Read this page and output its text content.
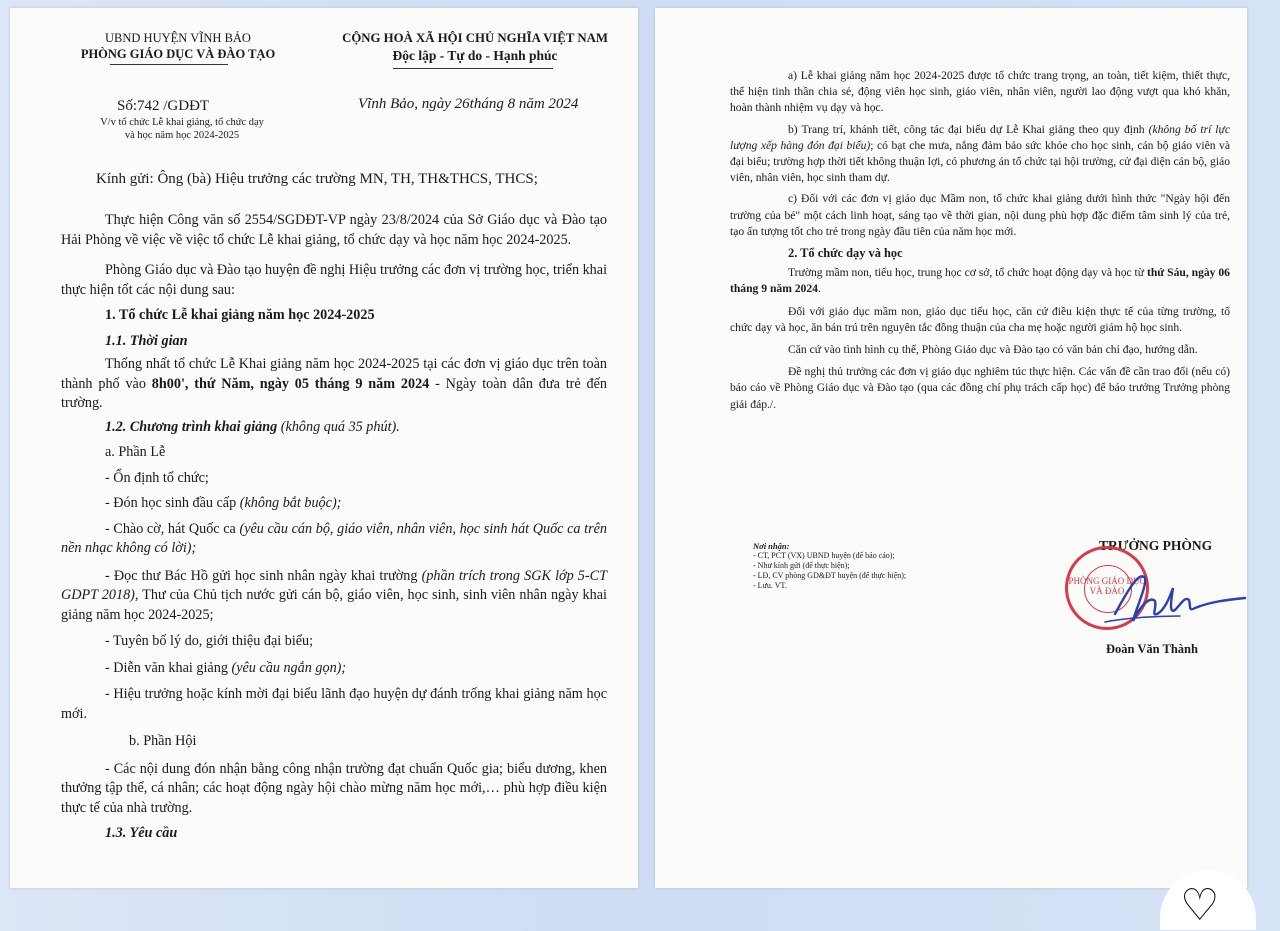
UBND HUYỆN VĨNH BẢO
PHÒNG GIÁO DỤC VÀ ĐÀO TẠO
CỘNG HOÀ XÃ HỘI CHỦ NGHĨA VIỆT NAM
Độc lập - Tự do - Hạnh phúc
Số:742 /GDĐT	Vĩnh Bảo, ngày 26tháng 8 năm 2024
V/v tổ chức Lễ khai giảng, tổ chức dạy
và học năm học 2024-2025
Kính gửi: Ông (bà) Hiệu trưởng các trường MN, TH, TH&THCS, THCS;

Thực hiện Công văn số 2554/SGDĐT-VP ngày 23/8/2024 của Sở Giáo dục và Đào tạo Hải Phòng về việc về việc tổ chức Lễ khai giảng, tổ chức dạy và học năm học 2024-2025.

Phòng Giáo dục và Đào tạo huyện đề nghị Hiệu trưởng các đơn vị trường học, triển khai thực hiện tốt các nội dung sau:

1. Tổ chức Lễ khai giảng năm học 2024-2025

1.1. Thời gian

Thống nhất tổ chức Lễ Khai giảng năm học 2024-2025 tại các đơn vị giáo dục trên toàn thành phố vào 8h00', thứ Năm, ngày 05 tháng 9 năm 2024 - Ngày toàn dân đưa trẻ đến trường.

1.2. Chương trình khai giảng (không quá 35 phút).

a. Phần Lễ

- Ổn định tổ chức;

- Đón học sinh đầu cấp (không bắt buộc);

- Chào cờ, hát Quốc ca (yêu cầu cán bộ, giáo viên, nhân viên, học sinh hát Quốc ca trên nền nhạc không có lời);

- Đọc thư Bác Hồ gửi học sinh nhân ngày khai trường (phần trích trong SGK lớp 5-CT GDPT 2018), Thư của Chủ tịch nước gửi cán bộ, giáo viên, học sinh, sinh viên nhân ngày khai giảng năm học 2024-2025;

- Tuyên bố lý do, giới thiệu đại biểu;

- Diễn văn khai giảng (yêu cầu ngắn gọn);

- Hiệu trưởng hoặc kính mời đại biểu lãnh đạo huyện dự đánh trống khai giảng năm học mới.

b. Phần Hội

- Các nội dung đón nhận bằng công nhận trường đạt chuẩn Quốc gia; biểu dương, khen thưởng tập thể, cá nhân; các hoạt động ngày hội chào mừng năm học mới,… phù hợp điều kiện thực tế của nhà trường.

1.3. Yêu cầu

a) Lễ khai giảng năm học 2024-2025 được tổ chức trang trọng, an toàn, tiết kiệm, thiết thực, thể hiện tinh thần chia sẻ, động viên học sinh, giáo viên, nhân viên, người lao động vượt qua khó khăn, hoàn thành nhiệm vụ dạy và học.

b) Trang trí, khánh tiết, công tác đại biểu dự Lễ Khai giảng theo quy định (không bố trí lực lượng xếp hàng đón đại biểu); có bạt che mưa, nắng đảm bảo sức khỏe cho học sinh, cán bộ giáo viên và đại biểu; trường hợp thời tiết không thuận lợi, có phương án tổ chức tại hội trường, cử đại diện cán bộ, giáo viên, nhân viên, học sinh tham dự.

c) Đối với các đơn vị giáo dục Mầm non, tổ chức khai giảng dưới hình thức "Ngày hội đến trường của bé" một cách linh hoạt, sáng tạo về thời gian, nội dung phù hợp đặc điểm tâm sinh lý của trẻ, tạo ấn tượng tốt cho trẻ trong ngày đầu tiên của năm học mới.

2. Tổ chức dạy và học

Trường mầm non, tiểu học, trung học cơ sở, tổ chức hoạt động dạy và học từ thứ Sáu, ngày 06 tháng 9 năm 2024.

Đối với giáo dục mầm non, giáo dục tiểu học, căn cứ điều kiện thực tế của từng trường, tổ chức dạy và học, ăn bán trú trên nguyên tắc đồng thuận của cha mẹ hoặc người giám hộ học sinh.

Căn cứ vào tình hình cụ thể, Phòng Giáo dục và Đào tạo có văn bản chỉ đạo, hướng dẫn.

Đề nghị thủ trưởng các đơn vị giáo dục nghiêm túc thực hiện. Các vấn đề cần trao đổi (nếu có) báo cáo về Phòng Giáo dục và Đào tạo (qua các đồng chí phụ trách cấp học) để báo trưởng Trưởng phòng giải đáp./.

Nơi nhận:
- CT, PCT (VX) UBND huyện (để báo cáo);
- Như kính gửi (để thực hiện);
- LĐ, CV phòng GD&ĐT huyện (để thực hiện);
- Lưu. VT.
TRƯỞNG PHÒNG
PHÒNG GIÁO DỤC VÀ ĐÀO
Đoàn Văn Thành
♡
